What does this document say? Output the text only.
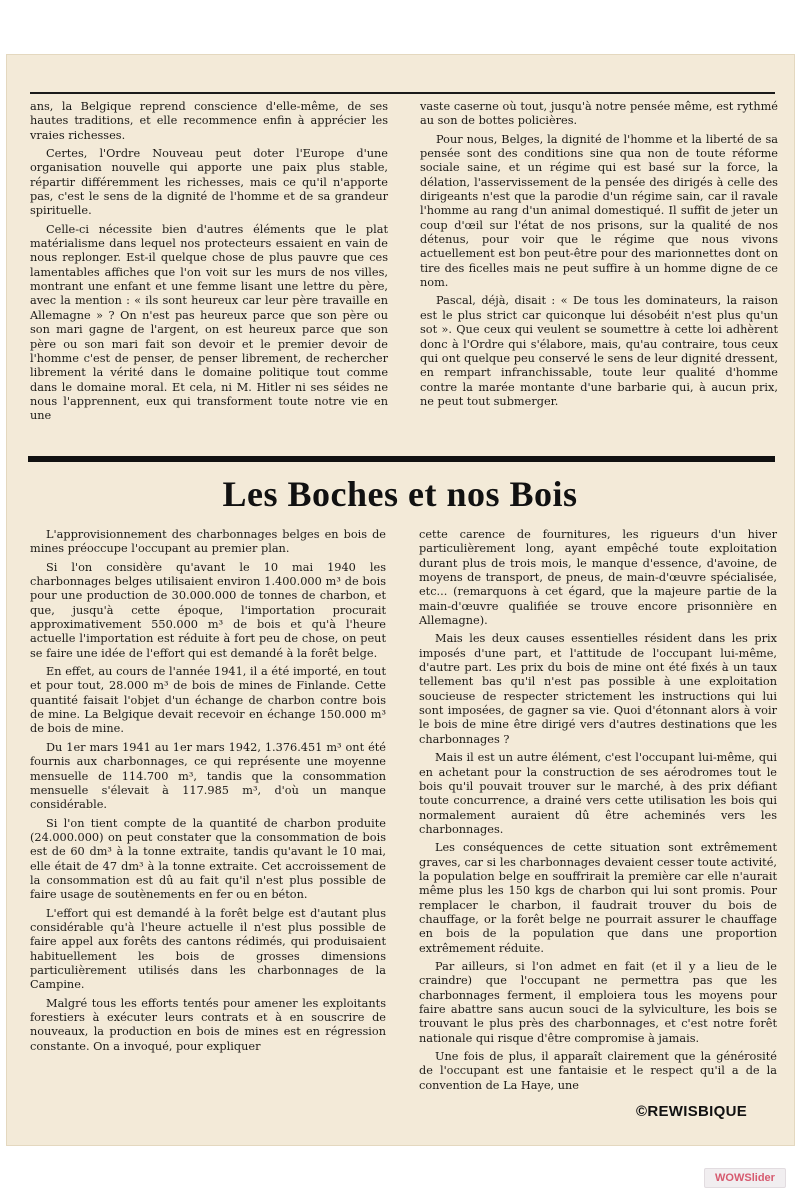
ans, la Belgique reprend conscience d'elle-même, de ses hautes traditions, et elle recommence enfin à apprécier les vraies richesses.

Certes, l'Ordre Nouveau peut doter l'Europe d'une organisation nouvelle qui apporte une paix plus stable, répartir différemment les richesses, mais ce qu'il n'apporte pas, c'est le sens de la dignité de l'homme et de sa grandeur spirituelle.

Celle-ci nécessite bien d'autres éléments que le plat matérialisme dans lequel nos protecteurs essaient en vain de nous replonger. Est-il quelque chose de plus pauvre que ces lamentables affiches que l'on voit sur les murs de nos villes, montrant une enfant et une femme lisant une lettre du père, avec la mention : « ils sont heureux car leur père travaille en Allemagne » ? On n'est pas heureux parce que son père ou son mari gagne de l'argent, on est heureux parce que son père ou son mari fait son devoir et le premier devoir de l'homme c'est de penser, de penser librement, de rechercher librement la vérité dans le domaine politique tout comme dans le domaine moral. Et cela, ni M. Hitler ni ses séides ne nous l'apprennent, eux qui transforment toute notre vie en une

vaste caserne où tout, jusqu'à notre pensée même, est rythmé au son de bottes policières.

Pour nous, Belges, la dignité de l'homme et la liberté de sa pensée sont des conditions sine qua non de toute réforme sociale saine, et un régime qui est basé sur la force, la délation, l'asservissement de la pensée des dirigés à celle des dirigeants n'est que la parodie d'un régime sain, car il ravale l'homme au rang d'un animal domestiqué. Il suffit de jeter un coup d'œil sur l'état de nos prisons, sur la qualité de nos détenus, pour voir que le régime que nous vivons actuellement est bon peut-être pour des marionnettes dont on tire des ficelles mais ne peut suffire à un homme digne de ce nom.

Pascal, déjà, disait : « De tous les dominateurs, la raison est le plus strict car quiconque lui désobéit n'est plus qu'un sot ». Que ceux qui veulent se soumettre à cette loi adhèrent donc à l'Ordre qui s'élabore, mais, qu'au contraire, tous ceux qui ont quelque peu conservé le sens de leur dignité dressent, en rempart infranchissable, toute leur qualité d'homme contre la marée montante d'une barbarie qui, à aucun prix, ne peut tout submerger.

Les Boches et nos Bois

L'approvisionnement des charbonnages belges en bois de mines préoccupe l'occupant au premier plan.

Si l'on considère qu'avant le 10 mai 1940 les charbonnages belges utilisaient environ 1.400.000 m³ de bois pour une production de 30.000.000 de tonnes de charbon, et que, jusqu'à cette époque, l'importation procurait approximativement 550.000 m³ de bois et qu'à l'heure actuelle l'importation est réduite à fort peu de chose, on peut se faire une idée de l'effort qui est demandé à la forêt belge.

En effet, au cours de l'année 1941, il a été importé, en tout et pour tout, 28.000 m³ de bois de mines de Finlande. Cette quantité faisait l'objet d'un échange de charbon contre bois de mine. La Belgique devait recevoir en échange 150.000 m³ de bois de mine.

Du 1er mars 1941 au 1er mars 1942, 1.376.451 m³ ont été fournis aux charbonnages, ce qui représente une moyenne mensuelle de 114.700 m³, tandis que la consommation mensuelle s'élevait à 117.985 m³, d'où un manque considérable.

Si l'on tient compte de la quantité de charbon produite (24.000.000) on peut constater que la consommation de bois est de 60 dm³ à la tonne extraite, tandis qu'avant le 10 mai, elle était de 47 dm³ à la tonne extraite. Cet accroissement de la consommation est dû au fait qu'il n'est plus possible de faire usage de soutènements en fer ou en béton.

L'effort qui est demandé à la forêt belge est d'autant plus considérable qu'à l'heure actuelle il n'est plus possible de faire appel aux forêts des cantons rédimés, qui produisaient habituellement les bois de grosses dimensions particulièrement utilisés dans les charbonnages de la Campine.

Malgré tous les efforts tentés pour amener les exploitants forestiers à exécuter leurs contrats et à en souscrire de nouveaux, la production en bois de mines est en régression constante. On a invoqué, pour expliquer

cette carence de fournitures, les rigueurs d'un hiver particulièrement long, ayant empêché toute exploitation durant plus de trois mois, le manque d'essence, d'avoine, de moyens de transport, de pneus, de main-d'œuvre spécialisée, etc... (remarquons à cet égard, que la majeure partie de la main-d'œuvre qualifiée se trouve encore prisonnière en Allemagne).

Mais les deux causes essentielles résident dans les prix imposés d'une part, et l'attitude de l'occupant lui-même, d'autre part. Les prix du bois de mine ont été fixés à un taux tellement bas qu'il n'est pas possible à une exploitation soucieuse de respecter strictement les instructions qui lui sont imposées, de gagner sa vie. Quoi d'étonnant alors à voir le bois de mine être dirigé vers d'autres destinations que les charbonnages ?

Mais il est un autre élément, c'est l'occupant lui-même, qui en achetant pour la construction de ses aérodromes tout le bois qu'il pouvait trouver sur le marché, à des prix défiant toute concurrence, a drainé vers cette utilisation les bois qui normalement auraient dû être acheminés vers les charbonnages.

Les conséquences de cette situation sont extrêmement graves, car si les charbonnages devaient cesser toute activité, la population belge en souffrirait la première car elle n'aurait même plus les 150 kgs de charbon qui lui sont promis. Pour remplacer le charbon, il faudrait trouver du bois de chauffage, or la forêt belge ne pourrait assurer le chauffage en bois de la population que dans une proportion extrêmement réduite.

Par ailleurs, si l'on admet en fait (et il y a lieu de le craindre) que l'occupant ne permettra pas que les charbonnages ferment, il emploiera tous les moyens pour faire abattre sans aucun souci de la sylviculture, les bois se trouvant le plus près des charbonnages, et c'est notre forêt nationale qui risque d'être compromise à jamais.

Une fois de plus, il apparaît clairement que la générosité de l'occupant est une fantaisie et le respect qu'il a de la convention de La Haye, une

©REWISBIQUE
WOWSlider
